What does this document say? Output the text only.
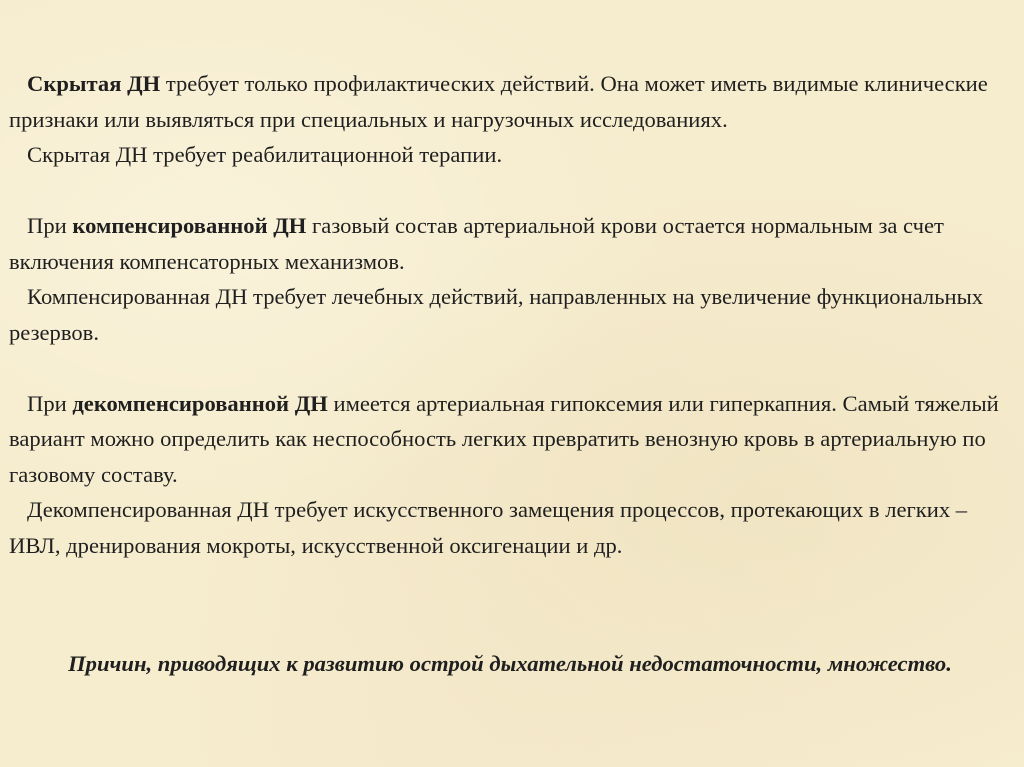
Скрытая ДН требует только профилактических действий. Она может иметь видимые клинические признаки или выявляться при специальных и нагрузочных исследованиях.

Скрытая ДН требует реабилитационной терапии.

При компенсированной ДН газовый состав артериальной крови остается нормальным за счет включения компенсаторных механизмов.

Компенсированная ДН требует лечебных действий, направленных на увеличение функциональных резервов.

При декомпенсированной ДН имеется артериальная гипоксемия или гиперкапния. Самый тяжелый вариант можно определить как неспособность легких превратить венозную кровь в артериальную по газовому составу.

Декомпенсированная ДН требует искусственного замещения процессов, протекающих в легких – ИВЛ, дренирования мокроты, искусственной оксигенации и др.

Причин, приводящих к развитию острой дыхательной недостаточности, множество.
